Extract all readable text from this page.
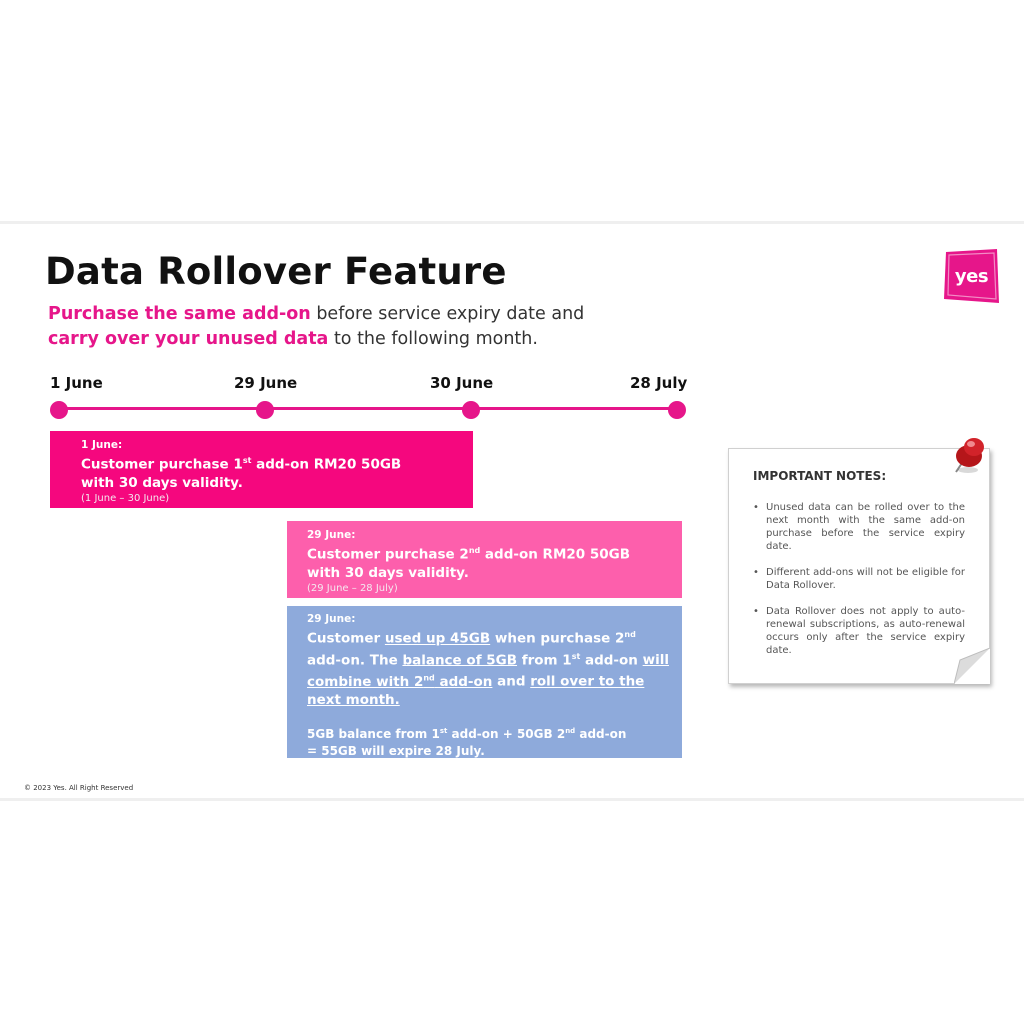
Data Rollover Feature

Purchase the same add-on before service expiry date and
carry over your unused data to the following month.

yes
1 June	29 June	30 June	28 July
1 June:
Customer purchase 1st add-on RM20 50GB
with 30 days validity.
(1 June – 30 June)
29 June:
Customer purchase 2nd add-on RM20 50GB
with 30 days validity.
(29 June – 28 July)
29 June:
Customer used up 45GB when purchase 2nd add-on. The balance of 5GB from 1st add-on will combine with 2nd add-on and roll over to the next month.
5GB balance from 1st add-on + 50GB 2nd add-on
= 55GB will expire 28 July.
IMPORTANT NOTES:
• Unused data can be rolled over to the next month with the same add-on purchase before the service expiry date.
• Different add-ons will not be eligible for Data Rollover.
• Data Rollover does not apply to auto-renewal subscriptions, as auto-renewal occurs only after the service expiry date.
© 2023 Yes. All Right Reserved
